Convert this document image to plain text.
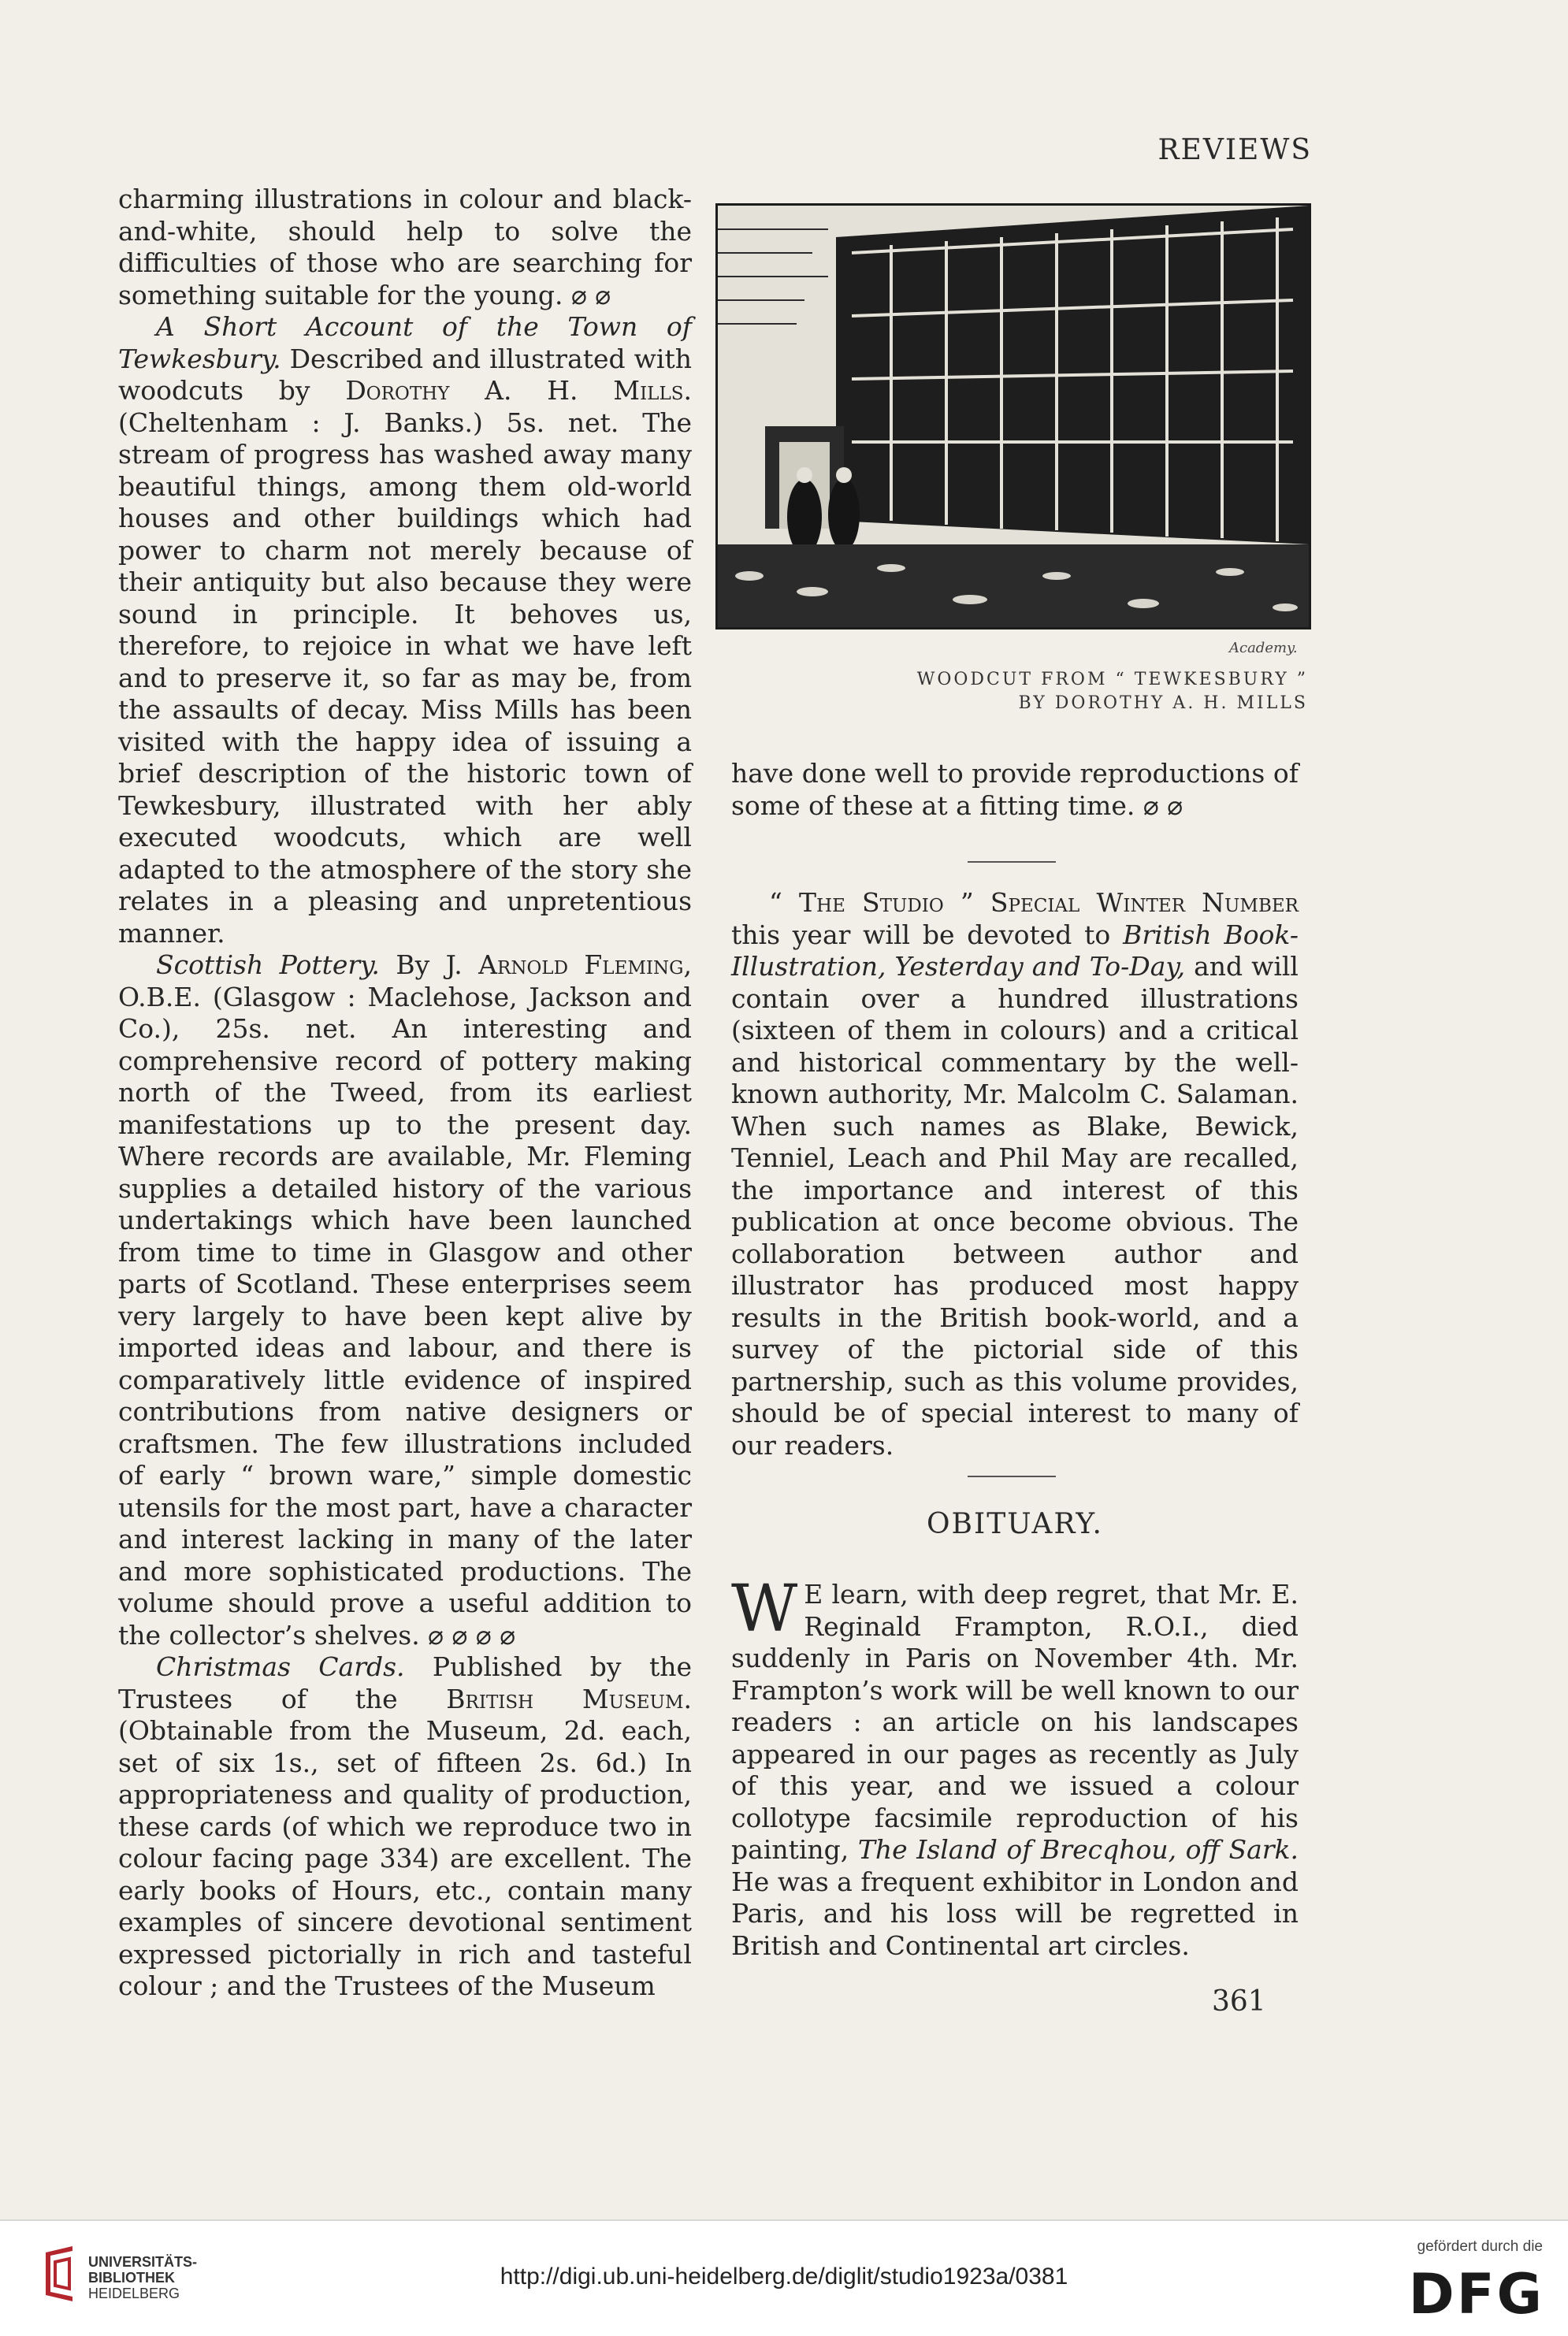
REVIEWS

charming illustrations in colour and black-and-white, should help to solve the difficulties of those who are searching for something suitable for the young. ⌀ ⌀

A Short Account of the Town of Tewkesbury. Described and illustrated with woodcuts by Dorothy A. H. Mills. (Cheltenham : J. Banks.) 5s. net. The stream of progress has washed away many beautiful things, among them old-world houses and other buildings which had power to charm not merely because of their antiquity but also because they were sound in principle. It behoves us, therefore, to rejoice in what we have left and to preserve it, so far as may be, from the assaults of decay. Miss Mills has been visited with the happy idea of issuing a brief description of the historic town of Tewkesbury, illustrated with her ably executed woodcuts, which are well adapted to the atmosphere of the story she relates in a pleasing and unpretentious manner.

Scottish Pottery. By J. Arnold Fleming, O.B.E. (Glasgow : Maclehose, Jackson and Co.), 25s. net. An interesting and comprehensive record of pottery making north of the Tweed, from its earliest manifestations up to the present day. Where records are available, Mr. Fleming supplies a detailed history of the various undertakings which have been launched from time to time in Glasgow and other parts of Scotland. These enterprises seem very largely to have been kept alive by imported ideas and labour, and there is comparatively little evidence of inspired contributions from native designers or craftsmen. The few illustrations included of early “ brown ware,” simple domestic utensils for the most part, have a character and interest lacking in many of the later and more sophisticated productions. The volume should prove a useful addition to the collector’s shelves. ⌀ ⌀ ⌀ ⌀

Christmas Cards. Published by the Trustees of the British Museum. (Obtainable from the Museum, 2d. each, set of six 1s., set of fifteen 2s. 6d.) In appropriateness and quality of production, these cards (of which we reproduce two in colour facing page 334) are excellent. The early books of Hours, etc., contain many examples of sincere devotional sentiment expressed pictorially in rich and tasteful colour ; and the Trustees of the Museum

Academy.
WOODCUT FROM “ TEWKESBURY ”
BY DOROTHY A. H. MILLS

have done well to provide reproductions of some of these at a fitting time. ⌀ ⌀

“ The Studio ” Special Winter Number this year will be devoted to British Book-Illustration, Yesterday and To-Day, and will contain over a hundred illustrations (sixteen of them in colours) and a critical and historical commentary by the well-known authority, Mr. Malcolm C. Salaman. When such names as Blake, Bewick, Tenniel, Leach and Phil May are recalled, the importance and interest of this publication at once become obvious. The collaboration between author and illustrator has produced most happy results in the British book-world, and a survey of the pictorial side of this partnership, such as this volume provides, should be of special interest to many of our readers.

OBITUARY.

W E learn, with deep regret, that Mr. E. Reginald Frampton, R.O.I., died suddenly in Paris on November 4th. Mr. Frampton’s work will be well known to our readers : an article on his landscapes appeared in our pages as recently as July of this year, and we issued a colour collotype facsimile reproduction of his painting, The Island of Brecqhou, off Sark. He was a frequent exhibitor in London and Paris, and his loss will be regretted in British and Continental art circles.

361
UNIVERSITÄTS-
BIBLIOTHEK
HEIDELBERG
http://digi.ub.uni-heidelberg.de/diglit/studio1923a/0381
gefördert durch die
DFG
